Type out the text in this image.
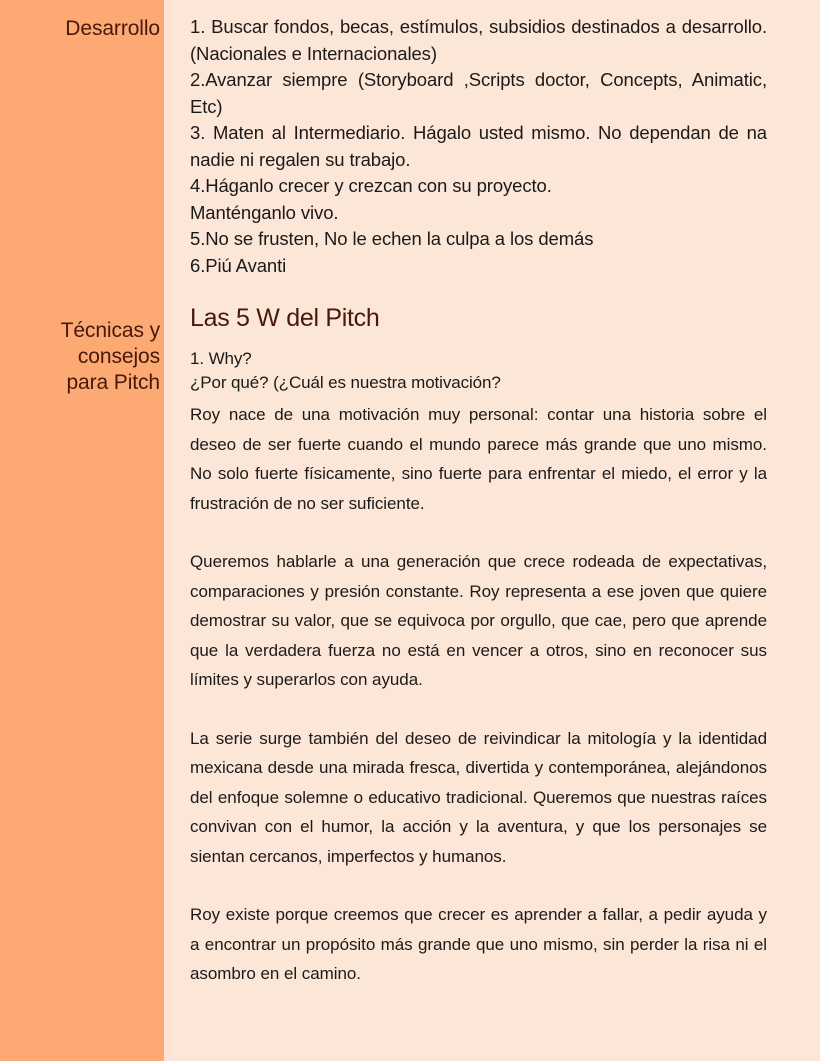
Desarrollo
Técnicas y
consejos
para Pitch
1. Buscar fondos, becas, estímulos, subsidios destinados a desarrollo. (Nacionales e Internacionales)
2.Avanzar siempre (Storyboard ,Scripts doctor, Concepts, Animatic, Etc)
3. Maten al Intermediario. Hágalo usted mismo. No dependan de na nadie ni regalen su trabajo.
4.Háganlo crecer y crezcan con su proyecto.
Manténganlo vivo.
5.No se frusten, No le echen la culpa a los demás
6.Piú Avanti
Las 5 W del Pitch
1. Why?
¿Por qué? (¿Cuál es nuestra motivación?

Roy nace de una motivación muy personal: contar una historia sobre el deseo de ser fuerte cuando el mundo parece más grande que uno mismo. No solo fuerte físicamente, sino fuerte para enfrentar el miedo, el error y la frustración de no ser suficiente.

Queremos hablarle a una generación que crece rodeada de expectativas, comparaciones y presión constante. Roy representa a ese joven que quiere demostrar su valor, que se equivoca por orgullo, que cae, pero que aprende que la verdadera fuerza no está en vencer a otros, sino en reconocer sus límites y superarlos con ayuda.

La serie surge también del deseo de reivindicar la mitología y la identidad mexicana desde una mirada fresca, divertida y contemporánea, alejándonos del enfoque solemne o educativo tradicional. Queremos que nuestras raíces convivan con el humor, la acción y la aventura, y que los personajes se sientan cercanos, imperfectos y humanos.

Roy existe porque creemos que crecer es aprender a fallar, a pedir ayuda y a encontrar un propósito más grande que uno mismo, sin perder la risa ni el asombro en el camino.
